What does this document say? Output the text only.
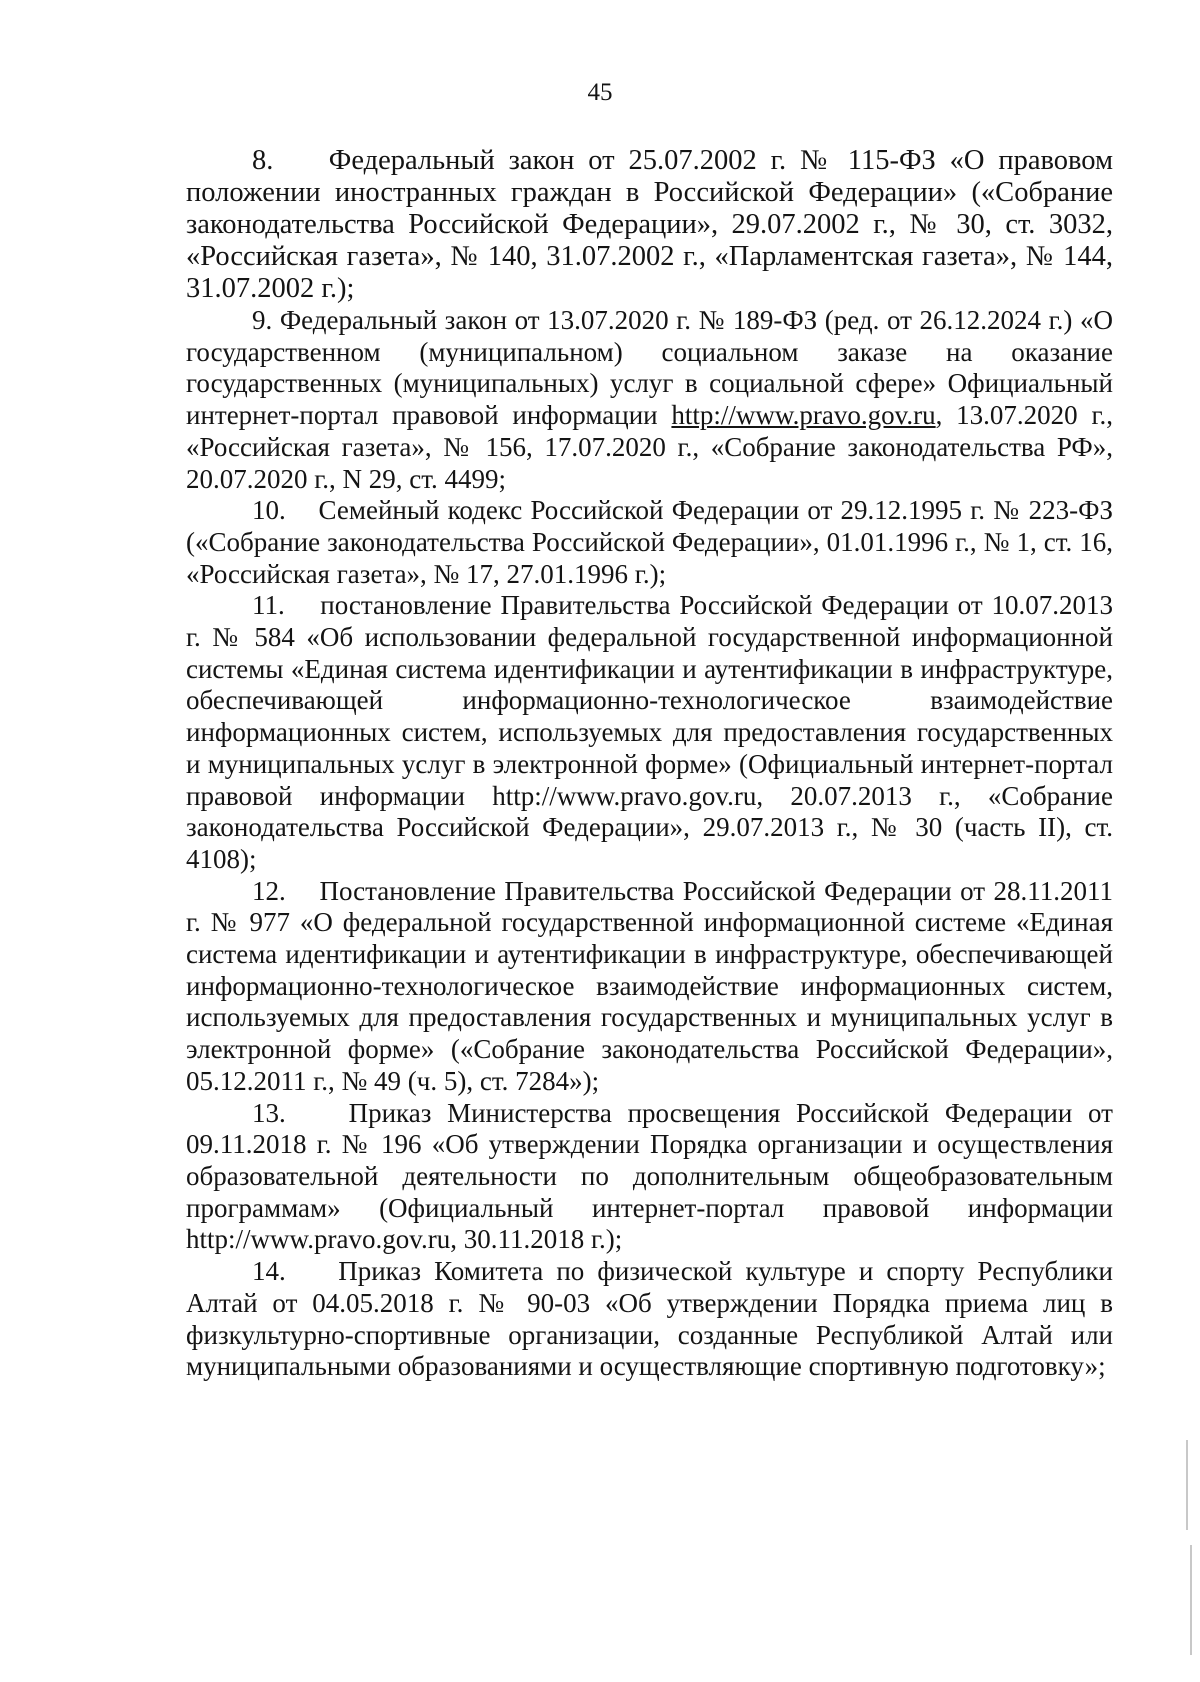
45

8.    Федеральный закон от 25.07.2002 г. № 115-ФЗ «О правовом положении иностранных граждан в Российской Федерации» («Собрание законодательства Российской Федерации», 29.07.2002 г., № 30, ст. 3032, «Российская газета», № 140, 31.07.2002 г., «Парламентская газета», № 144, 31.07.2002 г.);

9. Федеральный закон от 13.07.2020 г. № 189-ФЗ (ред. от 26.12.2024 г.) «О государственном (муниципальном) социальном заказе на оказание государственных (муниципальных) услуг в социальной сфере» Официальный интернет-портал правовой информации http://www.pravo.gov.ru, 13.07.2020 г., «Российская газета», № 156, 17.07.2020 г., «Собрание законодательства РФ», 20.07.2020 г., N 29, ст. 4499;

10.    Семейный кодекс Российской Федерации от 29.12.1995 г. № 223-ФЗ («Собрание законодательства Российской Федерации», 01.01.1996 г., № 1, ст. 16, «Российская газета», № 17, 27.01.1996 г.);

11.    постановление Правительства Российской Федерации от 10.07.2013 г. № 584 «Об использовании федеральной государственной информационной системы «Единая система идентификации и аутентификации в инфраструктуре, обеспечивающей информационно-технологическое взаимодействие информационных систем, используемых для предоставления государственных и муниципальных услуг в электронной форме» (Официальный интернет-портал правовой информации http://www.pravo.gov.ru, 20.07.2013 г., «Собрание законодательства Российской Федерации», 29.07.2013 г., № 30 (часть II), ст. 4108);

12.    Постановление Правительства Российской Федерации от 28.11.2011 г. № 977 «О федеральной государственной информационной системе «Единая система идентификации и аутентификации в инфраструктуре, обеспечивающей информационно-технологическое взаимодействие информационных систем, используемых для предоставления государственных и муниципальных услуг в электронной форме» («Собрание законодательства Российской Федерации», 05.12.2011 г., № 49 (ч. 5), ст. 7284»);

13.    Приказ Министерства просвещения Российской Федерации от 09.11.2018 г. № 196 «Об утверждении Порядка организации и осуществления образовательной деятельности по дополнительным общеобразовательным программам» (Официальный интернет-портал правовой информации http://www.pravo.gov.ru, 30.11.2018 г.);

14.    Приказ Комитета по физической культуре и спорту Республики Алтай от 04.05.2018 г. № 90-03 «Об утверждении Порядка приема лиц в физкультурно-спортивные организации, созданные Республикой Алтай или муниципальными образованиями и осуществляющие спортивную подготовку»;
